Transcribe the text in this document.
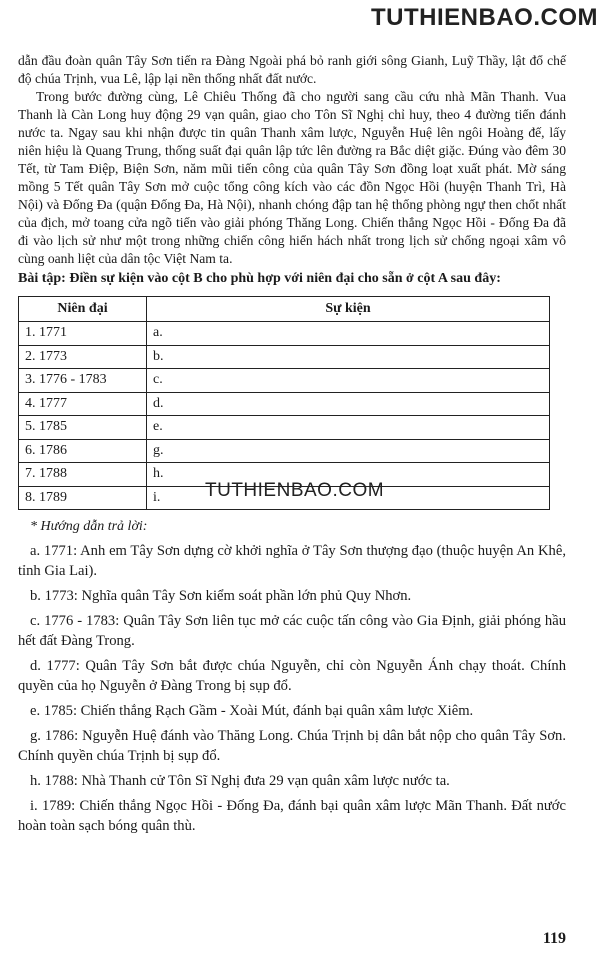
TUTHIENBAO.COM

dẫn đầu đoàn quân Tây Sơn tiến ra Đàng Ngoài phá bỏ ranh giới sông Gianh, Luỹ Thầy, lật đổ chế độ chúa Trịnh, vua Lê, lập lại nền thống nhất đất nước.

Trong bước đường cùng, Lê Chiêu Thống đã cho người sang cầu cứu nhà Mãn Thanh. Vua Thanh là Càn Long huy động 29 vạn quân, giao cho Tôn Sĩ Nghị chỉ huy, theo 4 đường tiến đánh nước ta. Ngay sau khi nhận được tin quân Thanh xâm lược, Nguyễn Huệ lên ngôi Hoàng đế, lấy niên hiệu là Quang Trung, thống suất đại quân lập tức lên đường ra Bắc diệt giặc. Đúng vào đêm 30 Tết, từ Tam Điệp, Biện Sơn, năm mũi tiến công của quân Tây Sơn đồng loạt xuất phát. Mờ sáng mồng 5 Tết quân Tây Sơn mở cuộc tổng công kích vào các đồn Ngọc Hồi (huyện Thanh Trì, Hà Nội) và Đống Đa (quận Đống Đa, Hà Nội), nhanh chóng đập tan hệ thống phòng ngự then chốt nhất của địch, mở toang cửa ngõ tiến vào giải phóng Thăng Long. Chiến thắng Ngọc Hồi - Đống Đa đã đi vào lịch sử như một trong những chiến công hiển hách nhất trong lịch sử chống ngoại xâm vô cùng oanh liệt của dân tộc Việt Nam ta.

Bài tập: Điền sự kiện vào cột B cho phù hợp với niên đại cho sẵn ở cột A sau đây:

Niên đại	Sự kiện
1. 1771	a.
2. 1773	b.
3. 1776 - 1783	c.
4. 1777	d.
5. 1785	e.
6. 1786	g.
7. 1788	h.
8. 1789	i.

* Hướng dẫn trả lời:

a. 1771: Anh em Tây Sơn dựng cờ khởi nghĩa ở Tây Sơn thượng đạo (thuộc huyện An Khê, tỉnh Gia Lai).

b. 1773: Nghĩa quân Tây Sơn kiểm soát phần lớn phủ Quy Nhơn.

c. 1776 - 1783: Quân Tây Sơn liên tục mở các cuộc tấn công vào Gia Định, giải phóng hầu hết đất Đàng Trong.

d. 1777: Quân Tây Sơn bắt được chúa Nguyễn, chỉ còn Nguyễn Ánh chạy thoát. Chính quyền của họ Nguyễn ở Đàng Trong bị sụp đổ.

e. 1785: Chiến thắng Rạch Gầm - Xoài Mút, đánh bại quân xâm lược Xiêm.

g. 1786: Nguyễn Huệ đánh vào Thăng Long. Chúa Trịnh bị dân bắt nộp cho quân Tây Sơn. Chính quyền chúa Trịnh bị sụp đổ.

h. 1788: Nhà Thanh cử Tôn Sĩ Nghị đưa 29 vạn quân xâm lược nước ta.

i. 1789: Chiến thắng Ngọc Hồi - Đống Đa, đánh bại quân xâm lược Mãn Thanh. Đất nước hoàn toàn sạch bóng quân thù.

TUTHIENBAO.COM
119
